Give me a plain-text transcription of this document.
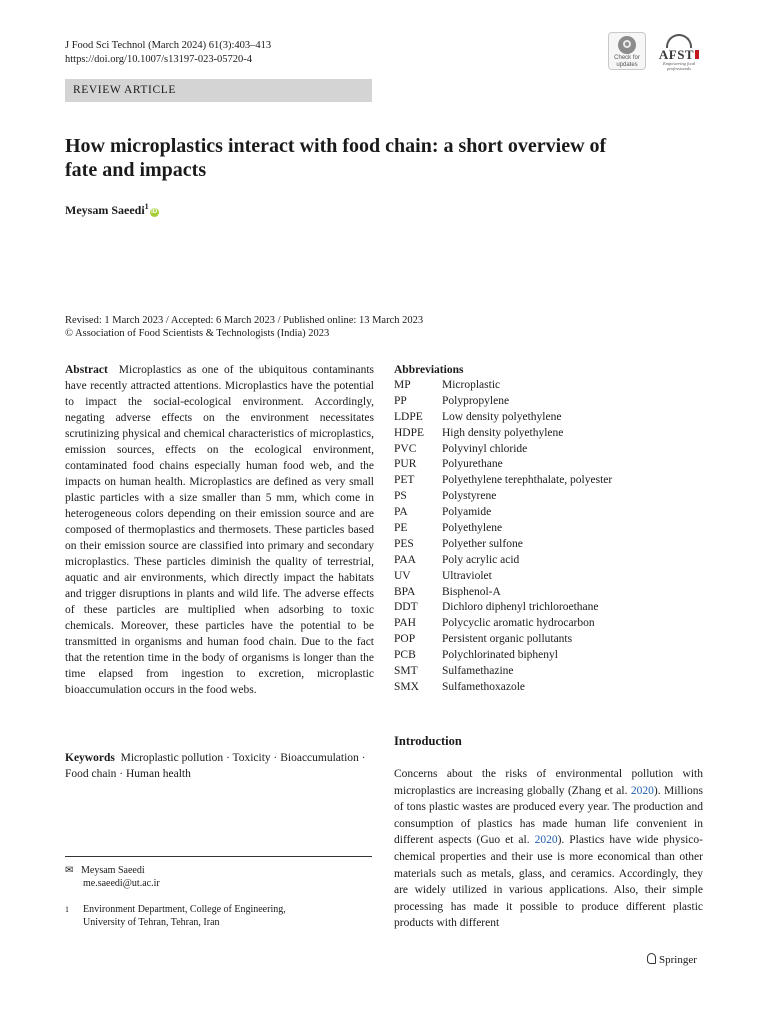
J Food Sci Technol (March 2024) 61(3):403–413
https://doi.org/10.1007/s13197-023-05720-4	Check for
updates
AFST
Empowering food professionals
REVIEW ARTICLE
How microplastics interact with food chain: a short overview of fate and impacts
Meysam Saeedi$^1$iD
Revised: 1 March 2023 / Accepted: 6 March 2023 / Published online: 13 March 2023
© Association of Food Scientists & Technologists (India) 2023
Abstract Microplastics as one of the ubiquitous contaminants have recently attracted attentions. Microplastics have the potential to impact the social-ecological environment. Accordingly, negating adverse effects on the environment necessitates scrutinizing physical and chemical characteristics of microplastics, emission sources, effects on the ecological environment, contaminated food chains especially human food web, and the impacts on human health. Microplastics are defined as very small plastic particles with a size smaller than 5 mm, which come in heterogeneous colors depending on their emission source and are composed of thermoplastics and thermosets. These particles based on their emission source are classified into primary and secondary microplastics. These particles diminish the quality of terrestrial, aquatic and air environments, which directly impact the habitats and trigger disruptions in plants and wild life. The adverse effects of these particles are multiplied when adsorbing to toxic chemicals. Moreover, these particles have the potential to be transmitted in organisms and human food chain. Due to the fact that the retention time in the body of organisms is longer than the time elapsed from ingestion to excretion, microplastic bioaccumulation occurs in the food webs.
Keywords Microplastic pollution · Toxicity · Bioaccumulation · Food chain · Human health
✉ Meysam Saeedi
me.saeedi@ut.ac.ir
1 Environment Department, College of Engineering,
University of Tehran, Tehran, Iran
Abbreviations
MP	Microplastic
PP	Polypropylene
LDPE Low density polyethylene
HDPE High density polyethylene
PVC Polyvinyl chloride
PUR Polyurethane
PET Polyethylene terephthalate, polyester
PS	Polystyrene
PA	Polyamide
PE	Polyethylene
PES Polyether sulfone
PAA Poly acrylic acid
UV	Ultraviolet
BPA Bisphenol-A
DDT Dichloro diphenyl trichloroethane
PAH Polycyclic aromatic hydrocarbon
POP Persistent organic pollutants
PCB Polychlorinated biphenyl
SMT Sulfamethazine
SMX Sulfamethoxazole
Introduction
Concerns about the risks of environmental pollution with microplastics are increasing globally (Zhang et al. 2020). Millions of tons plastic wastes are produced every year. The production and consumption of plastics has made human life convenient in different aspects (Guo et al. 2020). Plastics have wide physico-chemical properties and their use is more economical than other materials such as metals, glass, and ceramics. Accordingly, they are widely utilized in various applications. Also, their simple processing has made it possible to produce different plastic products with different
Springer
